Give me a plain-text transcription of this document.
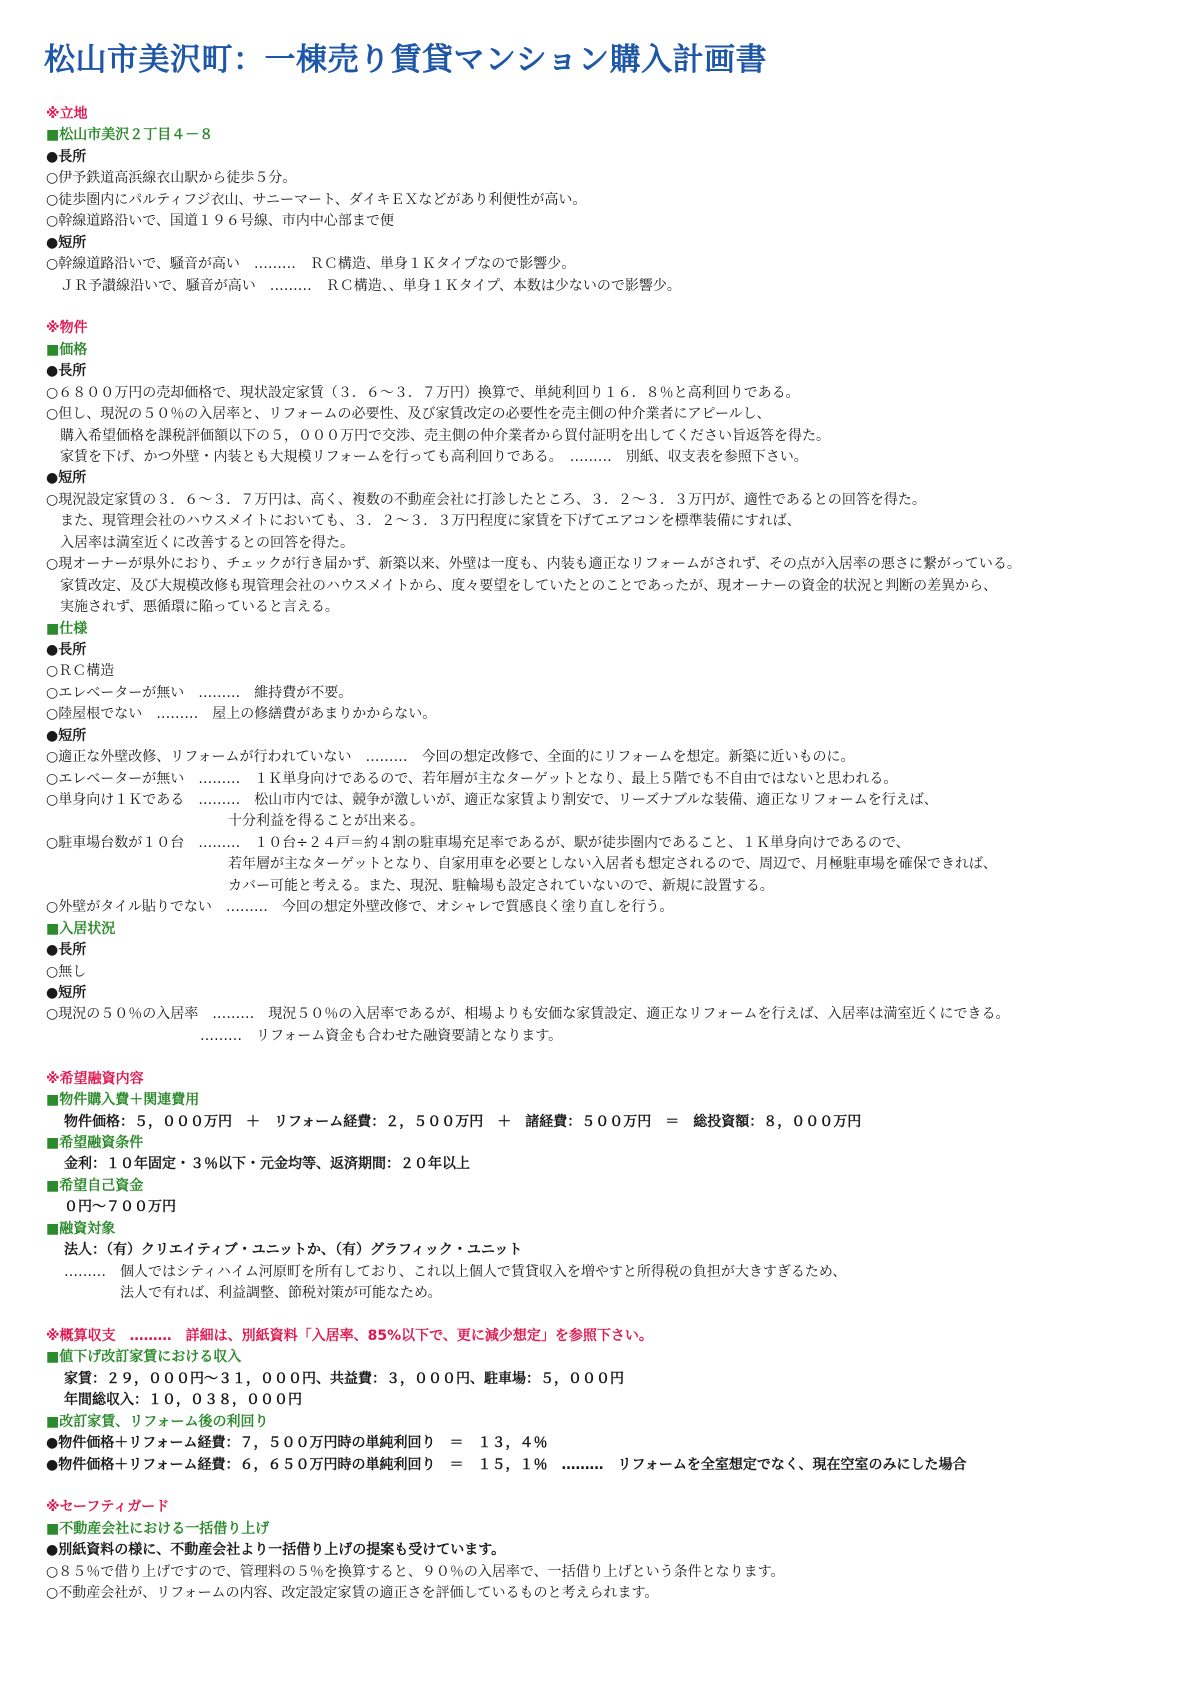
松山市美沢町：一棟売り賃貸マンション購入計画書
※立地
■松山市美沢２丁目４－８
●長所
○伊予鉄道高浜線衣山駅から徒歩５分。
○徒歩圏内にパルティフジ衣山、サニーマート、ダイキＥＸなどがあり利便性が高い。
○幹線道路沿いで、国道１９６号線、市内中心部まで便
●短所
○幹線道路沿いで、騒音が高い　………　ＲＣ構造、単身１Ｋタイプなので影響少。
　ＪＲ予讃線沿いで、騒音が高い　………　ＲＣ構造、、単身１Ｋタイプ、本数は少ないので影響少。
※物件
■価格
●長所
○６８００万円の売却価格で、現状設定家賃（３．６～３．７万円）換算で、単純利回り１６．８％と高利回りである。
○但し、現況の５０％の入居率と、リフォームの必要性、及び家賃改定の必要性を売主側の仲介業者にアピールし、
　購入希望価格を課税評価額以下の５，０００万円で交渉、売主側の仲介業者から買付証明を出してください旨返答を得た。
　家賃を下げ、かつ外壁・内装とも大規模リフォームを行っても高利回りである。　………　別紙、収支表を参照下さい。
●短所
○現況設定家賃の３．６～３．７万円は、高く、複数の不動産会社に打診したところ、３．２～３．３万円が、適性であるとの回答を得た。
　また、現管理会社のハウスメイトにおいても、３．２～３．３万円程度に家賃を下げてエアコンを標準装備にすれば、
　入居率は満室近くに改善するとの回答を得た。
○現オーナーが県外におり、チェックが行き届かず、新築以来、外壁は一度も、内装も適正なリフォームがされず、その点が入居率の悪さに繋がっている。
　家賃改定、及び大規模改修も現管理会社のハウスメイトから、度々要望をしていたとのことであったが、現オーナーの資金的状況と判断の差異から、
　実施されず、悪循環に陥っていると言える。
■仕様
●長所
○ＲＣ構造
○エレベーターが無い　………　維持費が不要。
○陸屋根でない　………　屋上の修繕費があまりかからない。
●短所
○適正な外壁改修、リフォームが行われていない　………　今回の想定改修で、全面的にリフォームを想定。新築に近いものに。
○エレベーターが無い　………　１Ｋ単身向けであるので、若年層が主なターゲットとなり、最上５階でも不自由ではないと思われる。
○単身向け１Ｋである　………　松山市内では、競争が激しいが、適正な家賃より割安で、リーズナブルな装備、適正なリフォームを行えば、
　　　　　　　　　　　　　十分利益を得ることが出来る。
○駐車場台数が１０台　………　１０台÷２４戸＝約４割の駐車場充足率であるが、駅が徒歩圏内であること、１Ｋ単身向けであるので、
　　　　　　　　　　　　　若年層が主なターゲットとなり、自家用車を必要としない入居者も想定されるので、周辺で、月極駐車場を確保できれば、
　　　　　　　　　　　　　カバー可能と考える。また、現況、駐輪場も設定されていないので、新規に設置する。
○外壁がタイル貼りでない　………　今回の想定外壁改修で、オシャレで質感良く塗り直しを行う。
■入居状況
●長所
○無し
●短所
○現況の５０％の入居率　………　現況５０％の入居率であるが、相場よりも安価な家賃設定、適正なリフォームを行えば、入居率は満室近くにできる。
　　　　　　　　　　　………　リフォーム資金も合わせた融資要請となります。
※希望融資内容
■物件購入費＋関連費用
物件価格：５，０００万円　＋　リフォーム経費：２，５００万円　＋　諸経費：５００万円　＝　総投資額：８，０００万円
■希望融資条件
金利：１０年固定・３％以下・元金均等、返済期間：２０年以上
■希望自己資金
０円～７００万円
■融資対象
法人：（有）クリエイティブ・ユニットか、（有）グラフィック・ユニット
………　個人ではシティハイム河原町を所有しており、これ以上個人で賃貸収入を増やすと所得税の負担が大きすぎるため、
　　　　法人で有れば、利益調整、節税対策が可能なため。
※概算収支　………　詳細は、別紙資料「入居率、85%以下で、更に減少想定」を参照下さい。
■値下げ改訂家賃における収入
家賃：２９，０００円～３１，０００円、共益費：３，０００円、駐車場：５，０００円
年間総収入：１０，０３８，０００円
■改訂家賃、リフォーム後の利回り
●物件価格＋リフォーム経費：７，５００万円時の単純利回り　＝　１３，４％
●物件価格＋リフォーム経費：６，６５０万円時の単純利回り　＝　１５，１％　………　リフォームを全室想定でなく、現在空室のみにした場合
※セーフティガード
■不動産会社における一括借り上げ
●別紙資料の様に、不動産会社より一括借り上げの提案も受けています。
○８５％で借り上げですので、管理料の５％を換算すると、９０％の入居率で、一括借り上げという条件となります。
○不動産会社が、リフォームの内容、改定設定家賃の適正さを評価しているものと考えられます。
